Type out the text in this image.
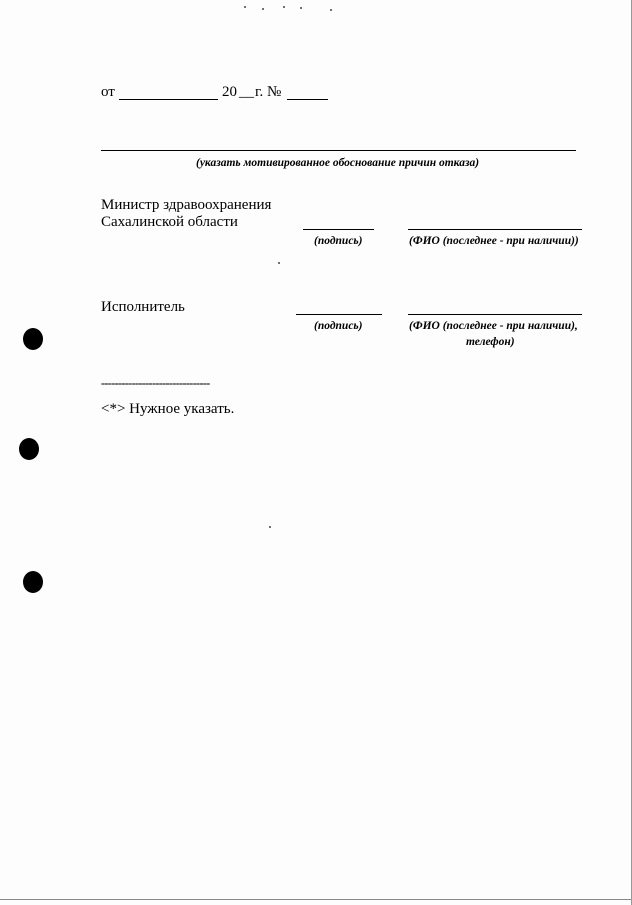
от	20 __ г. №
(указать мотивированное обоснование причин отказа)
Министр здравоохранения
Сахалинской области
(подпись)	(ФИО (последнее - при наличии))
Исполнитель
(подпись)	(ФИО (последнее - при наличии),
телефон)
--------------------------------
<*> Нужное указать.
